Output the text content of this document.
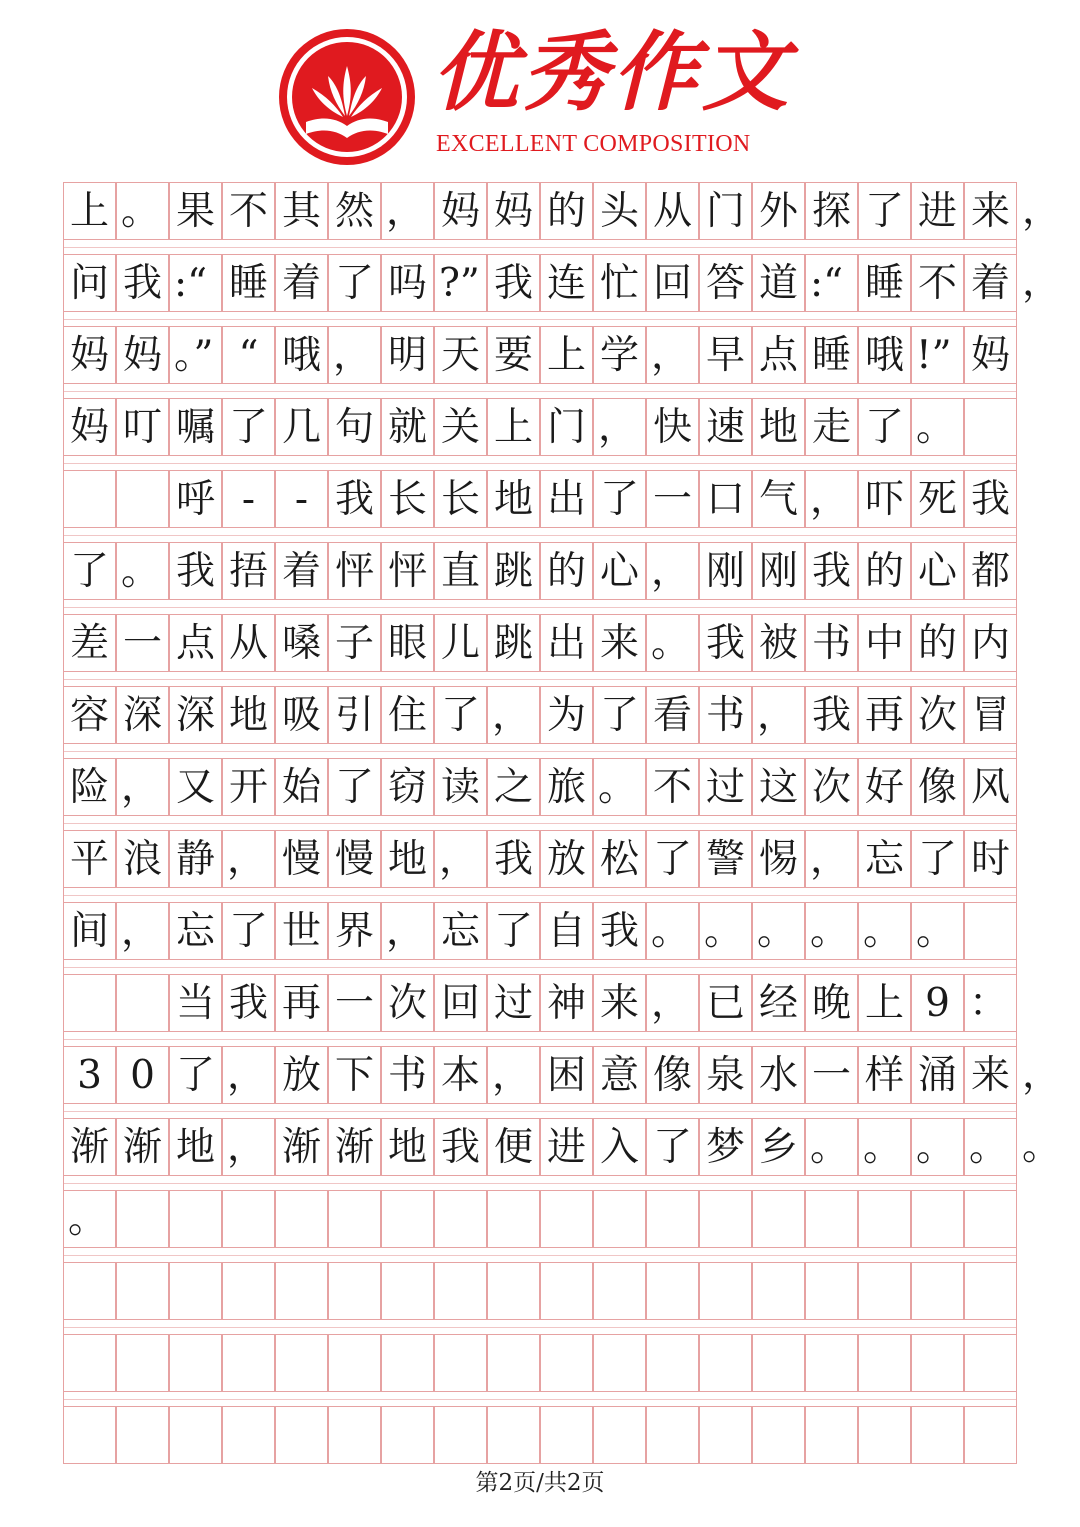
优秀作文
EXCELLENT COMPOSITION
上 。 果 不 其 然 ， 妈 妈 的 头 从 门 外 探 了 进 来 ，
问 我 :“ 睡 着 了 吗 ?” 我 连 忙 回 答 道 :“ 睡 不 着 ，
妈 妈 。” “ 哦 ， 明 天 要 上 学 ， 早 点 睡 哦 !” 妈
妈 叮 嘱 了 几 句 就 关 上 门 ， 快 速 地 走 了 。
呼 -	- 我 长 长 地 出 了 一 口 气 ， 吓 死 我
了 。 我 捂 着 怦 怦 直 跳 的 心 ， 刚 刚 我 的 心 都
差 一 点 从 嗓 子 眼 儿 跳 出 来 。 我 被 书 中 的 内
容 深 深 地 吸 引 住 了 ， 为 了 看 书 ， 我 再 次 冒
险 ， 又 开 始 了 窃 读 之 旅 。 不 过 这 次 好 像 风
平 浪 静 ， 慢 慢 地 ， 我 放 松 了 警 惕 ， 忘 了 时
间 ， 忘 了 世 界 ， 忘 了 自 我 。 。 。 。 。 。
当 我 再 一 次 回 过 神 来 ， 已 经 晚 上 9 ：
3 0 了 ， 放 下 书 本 ， 困 意 像 泉 水 一 样 涌 来 ，
渐 渐 地 ， 渐 渐 地 我 便 进 入 了 梦 乡 。 。 。 。 。
。
第2页/共2页
